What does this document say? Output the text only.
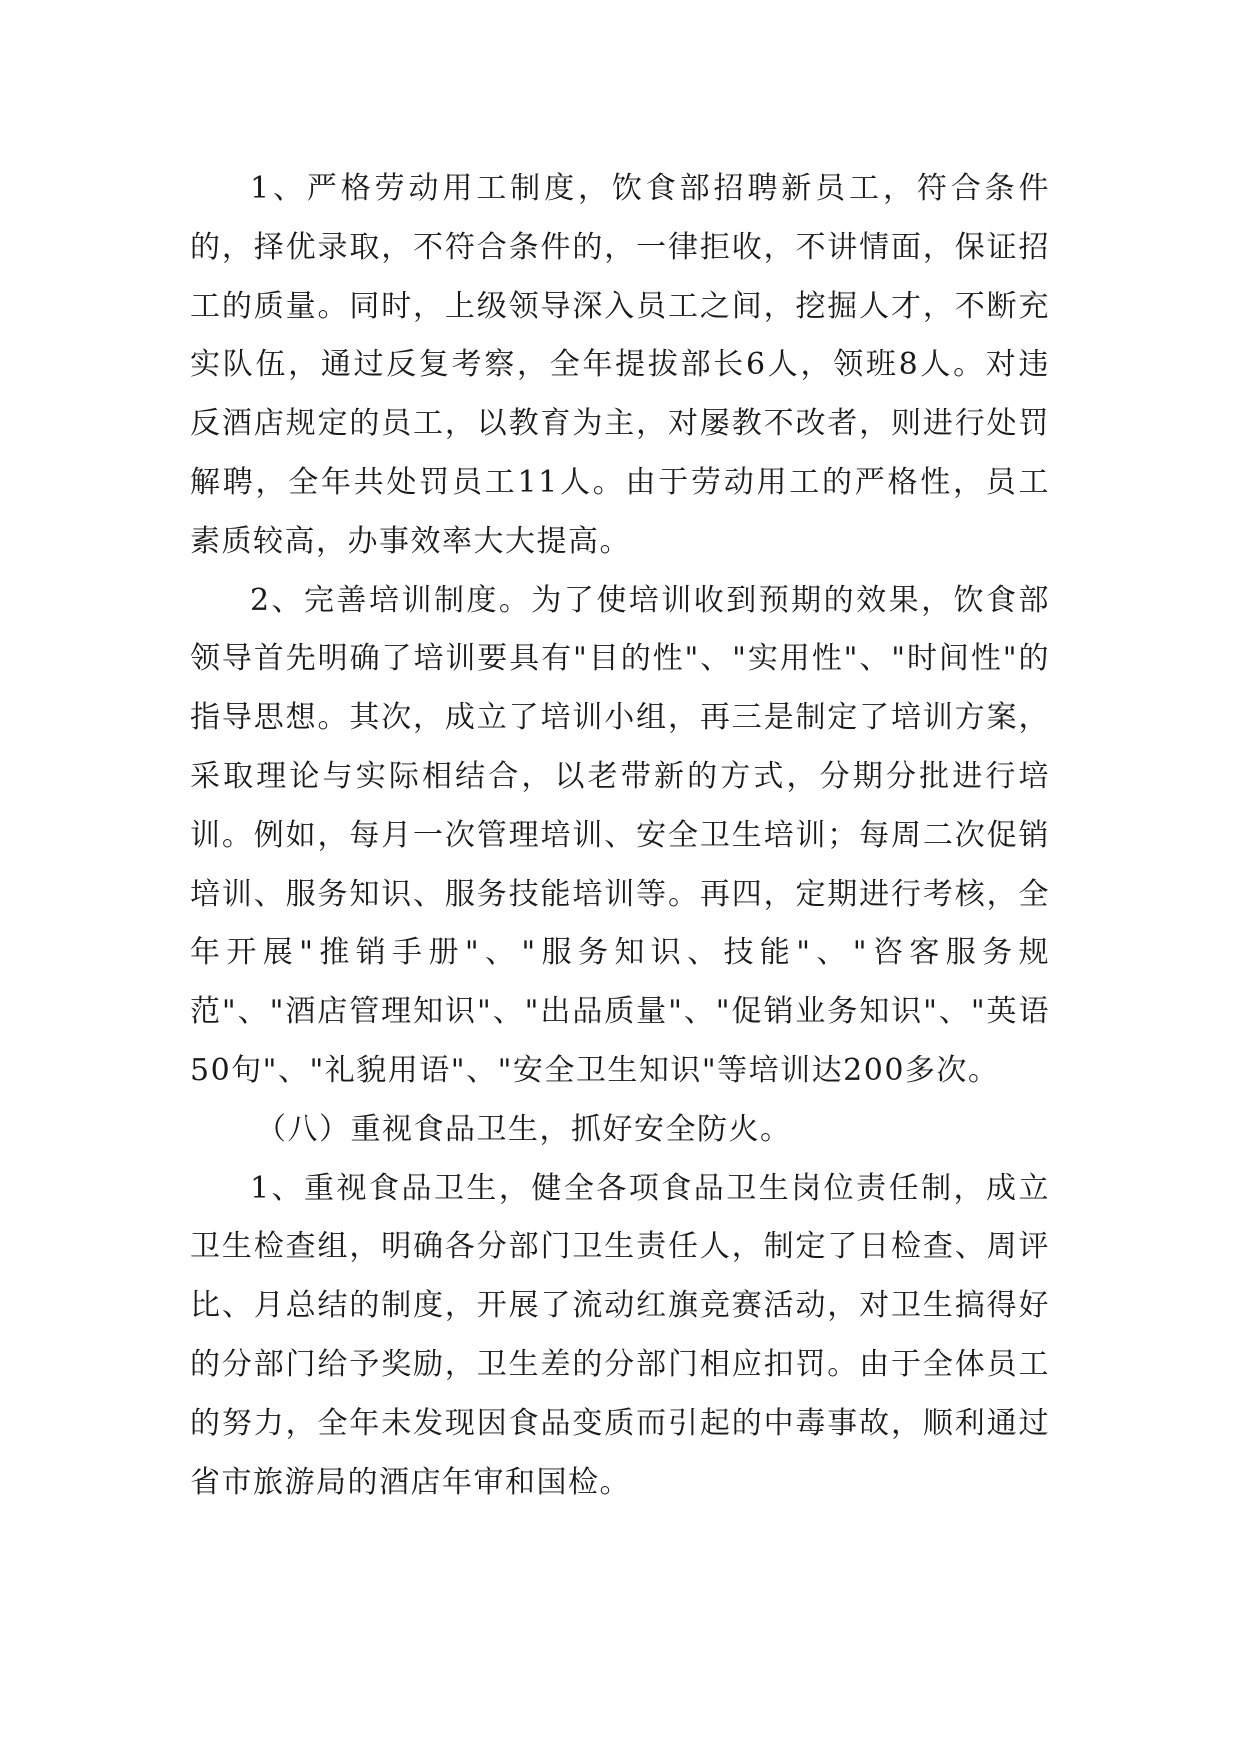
1、严格劳动用工制度，饮食部招聘新员工，符合条件的，择优录取，不符合条件的，一律拒收，不讲情面，保证招工的质量。同时，上级领导深入员工之间，挖掘人才，不断充实队伍，通过反复考察，全年提拔部长6人，领班8人。对违反酒店规定的员工，以教育为主，对屡教不改者，则进行处罚解聘，全年共处罚员工11人。由于劳动用工的严格性，员工素质较高，办事效率大大提高。

2、完善培训制度。为了使培训收到预期的效果，饮食部领导首先明确了培训要具有"目的性"、"实用性"、"时间性"的指导思想。其次，成立了培训小组，再三是制定了培训方案，采取理论与实际相结合，以老带新的方式，分期分批进行培训。例如，每月一次管理培训、安全卫生培训；每周二次促销培训、服务知识、服务技能培训等。再四，定期进行考核，全年开展"推销手册"、"服务知识、技能"、"咨客服务规范"、"酒店管理知识"、"出品质量"、"促销业务知识"、"英语50句"、"礼貌用语"、"安全卫生知识"等培训达200多次。

（八）重视食品卫生，抓好安全防火。

1、重视食品卫生，健全各项食品卫生岗位责任制，成立卫生检查组，明确各分部门卫生责任人，制定了日检查、周评比、月总结的制度，开展了流动红旗竞赛活动，对卫生搞得好的分部门给予奖励，卫生差的分部门相应扣罚。由于全体员工的努力，全年未发现因食品变质而引起的中毒事故，顺利通过省市旅游局的酒店年审和国检。
